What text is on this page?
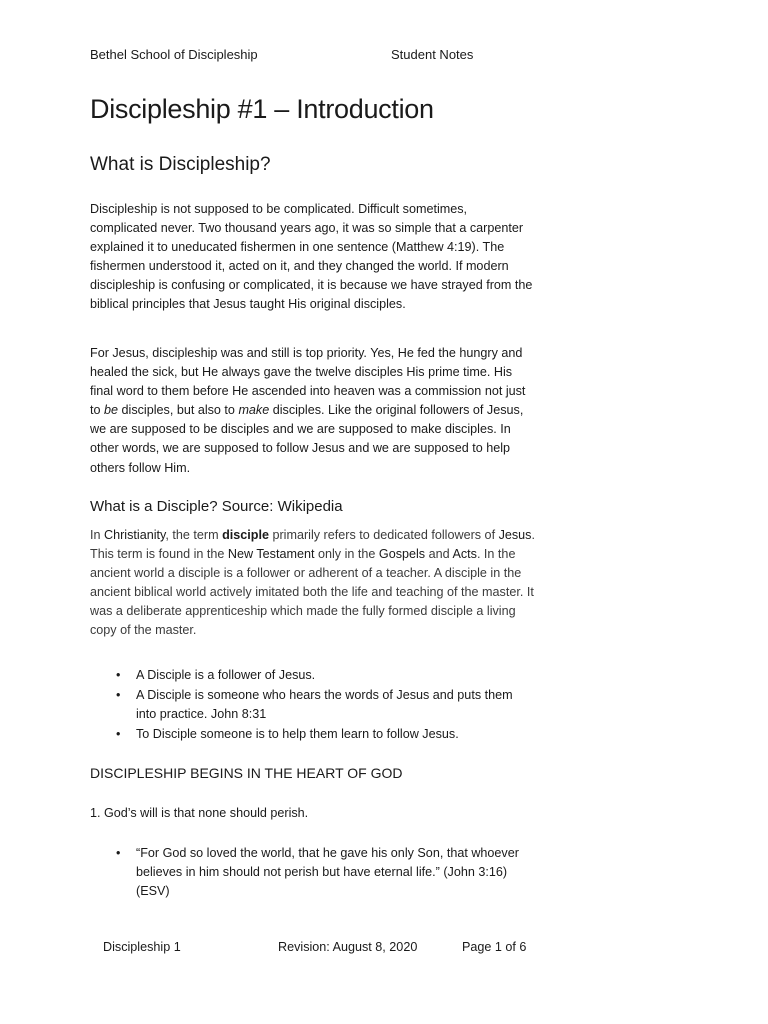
Bethel School of Discipleship	Student Notes
Discipleship #1 – Introduction
What is Discipleship?

Discipleship is not supposed to be complicated. Difficult sometimes, complicated never. Two thousand years ago, it was so simple that a carpenter explained it to uneducated fishermen in one sentence (Matthew 4:19). The fishermen understood it, acted on it, and they changed the world. If modern discipleship is confusing or complicated, it is because we have strayed from the biblical principles that Jesus taught His original disciples.

For Jesus, discipleship was and still is top priority. Yes, He fed the hungry and healed the sick, but He always gave the twelve disciples His prime time. His final word to them before He ascended into heaven was a commission not just to be disciples, but also to make disciples. Like the original followers of Jesus, we are supposed to be disciples and we are supposed to make disciples. In other words, we are supposed to follow Jesus and we are supposed to help others follow Him.

What is a Disciple? Source: Wikipedia

In Christianity, the term disciple primarily refers to dedicated followers of Jesus. This term is found in the New Testament only in the Gospels and Acts. In the ancient world a disciple is a follower or adherent of a teacher. A disciple in the ancient biblical world actively imitated both the life and teaching of the master. It was a deliberate apprenticeship which made the fully formed disciple a living copy of the master.

• A Disciple is a follower of Jesus.
• A Disciple is someone who hears the words of Jesus and puts them into practice. John 8:31
• To Disciple someone is to help them learn to follow Jesus.
DISCIPLESHIP BEGINS IN THE HEART OF GOD

1. God’s will is that none should perish.

• “For God so loved the world, that he gave his only Son, that whoever believes in him should not perish but have eternal life.” (John 3:16) (ESV)
Discipleship 1	Revision: August 8, 2020	Page 1 of 6
